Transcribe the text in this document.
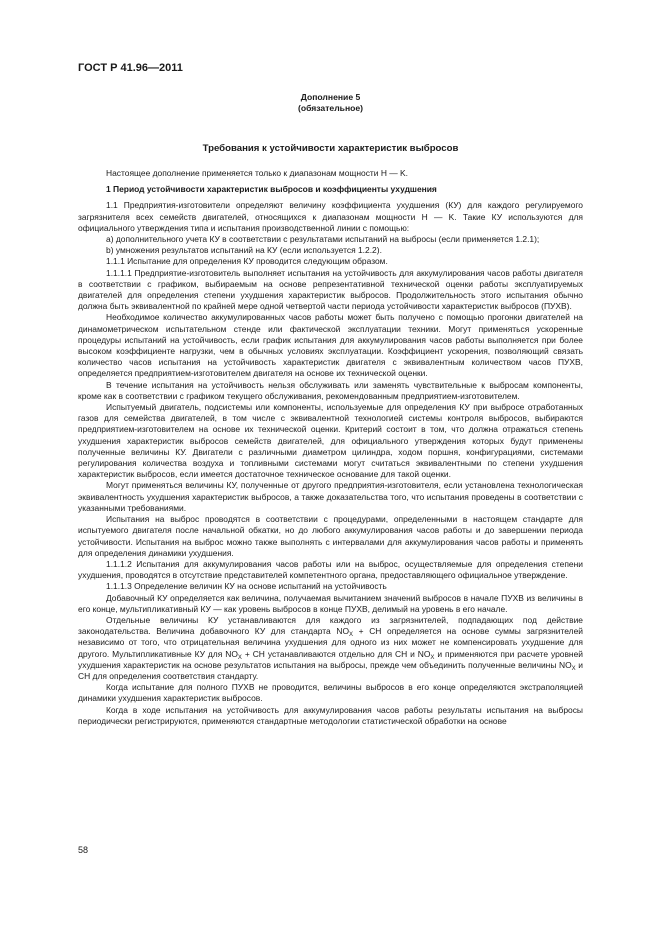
ГОСТ Р 41.96—2011
Дополнение 5
(обязательное)
Требования к устойчивости характеристик выбросов

Настоящее дополнение применяется только к диапазонам мощности H — K.

1 Период устойчивости характеристик выбросов и коэффициенты ухудшения

1.1 Предприятия-изготовители определяют величину коэффициента ухудшения (КУ) для каждого регулируемого загрязнителя всех семейств двигателей, относящихся к диапазонам мощности H — K. Такие КУ используются для официального утверждения типа и испытания производственной линии с помощью:

а) дополнительного учета КУ в соответствии с результатами испытаний на выбросы (если применяется 1.2.1);

b) умножения результатов испытаний на КУ (если используется 1.2.2).

1.1.1 Испытание для определения КУ проводится следующим образом.

1.1.1.1 Предприятие-изготовитель выполняет испытания на устойчивость для аккумулирования часов работы двигателя в соответствии с графиком, выбираемым на основе репрезентативной технической оценки работы эксплуатируемых двигателей для определения степени ухудшения характеристик выбросов. Продолжительность этого испытания обычно должна быть эквивалентной по крайней мере одной четвертой части периода устойчивости характеристик выбросов (ПУХВ).

Необходимое количество аккумулированных часов работы может быть получено с помощью прогонки двигателей на динамометрическом испытательном стенде или фактической эксплуатации техники. Могут применяться ускоренные процедуры испытаний на устойчивость, если график испытания для аккумулирования часов работы выполняется при более высоком коэффициенте нагрузки, чем в обычных условиях эксплуатации. Коэффициент ускорения, позволяющий связать количество часов испытания на устойчивость характеристик двигателя с эквивалентным количеством часов ПУХВ, определяется предприятием-изготовителем двигателя на основе их технической оценки.

В течение испытания на устойчивость нельзя обслуживать или заменять чувствительные к выбросам компоненты, кроме как в соответствии с графиком текущего обслуживания, рекомендованным предприятием-изготовителем.

Испытуемый двигатель, подсистемы или компоненты, используемые для определения КУ при выбросе отработанных газов для семейства двигателей, в том числе с эквивалентной технологией системы контроля выбросов, выбираются предприятием-изготовителем на основе их технической оценки. Критерий состоит в том, что должна отражаться степень ухудшения характеристик выбросов семейств двигателей, для официального утверждения которых будут применены полученные величины КУ. Двигатели с различными диаметром цилиндра, ходом поршня, конфигурациями, системами регулирования количества воздуха и топливными системами могут считаться эквивалентными по степени ухудшения характеристик выбросов, если имеется достаточное техническое основание для такой оценки.

Могут применяться величины КУ, полученные от другого предприятия-изготовителя, если установлена технологическая эквивалентность ухудшения характеристик выбросов, а также доказательства того, что испытания проведены в соответствии с указанными требованиями.

Испытания на выброс проводятся в соответствии с процедурами, определенными в настоящем стандарте для испытуемого двигателя после начальной обкатки, но до любого аккумулирования часов работы и до завершении периода устойчивости. Испытания на выброс можно также выполнять с интервалами для аккумулирования часов работы и применять для определения динамики ухудшения.

1.1.1.2 Испытания для аккумулирования часов работы или на выброс, осуществляемые для определения степени ухудшения, проводятся в отсутствие представителей компетентного органа, предоставляющего официальное утверждение.

1.1.1.3 Определение величин КУ на основе испытаний на устойчивость

Добавочный КУ определяется как величина, получаемая вычитанием значений выбросов в начале ПУХВ из величины в его конце, мультипликативный КУ — как уровень выбросов в конце ПУХВ, делимый на уровень в его начале.

Отдельные величины КУ устанавливаются для каждого из загрязнителей, подпадающих под действие законодательства. Величина добавочного КУ для стандарта $NO_X$ + CH определяется на основе суммы загрязнителей независимо от того, что отрицательная величина ухудшения для одного из них может не компенсировать ухудшение для другого. Мультипликативные КУ для $NO_X$ + CH устанавливаются отдельно для CH и $NO_X$ и применяются при расчете уровней ухудшения характеристик на основе результатов испытания на выбросы, прежде чем объединить полученные величины $NO_X$ и CH для определения соответствия стандарту.

Когда испытание для полного ПУХВ не проводится, величины выбросов в его конце определяются экстраполяцией динамики ухудшения характеристик выбросов.

Когда в ходе испытания на устойчивость для аккумулирования часов работы результаты испытания на выбросы периодически регистрируются, применяются стандартные методологии статистической обработки на основе

58
